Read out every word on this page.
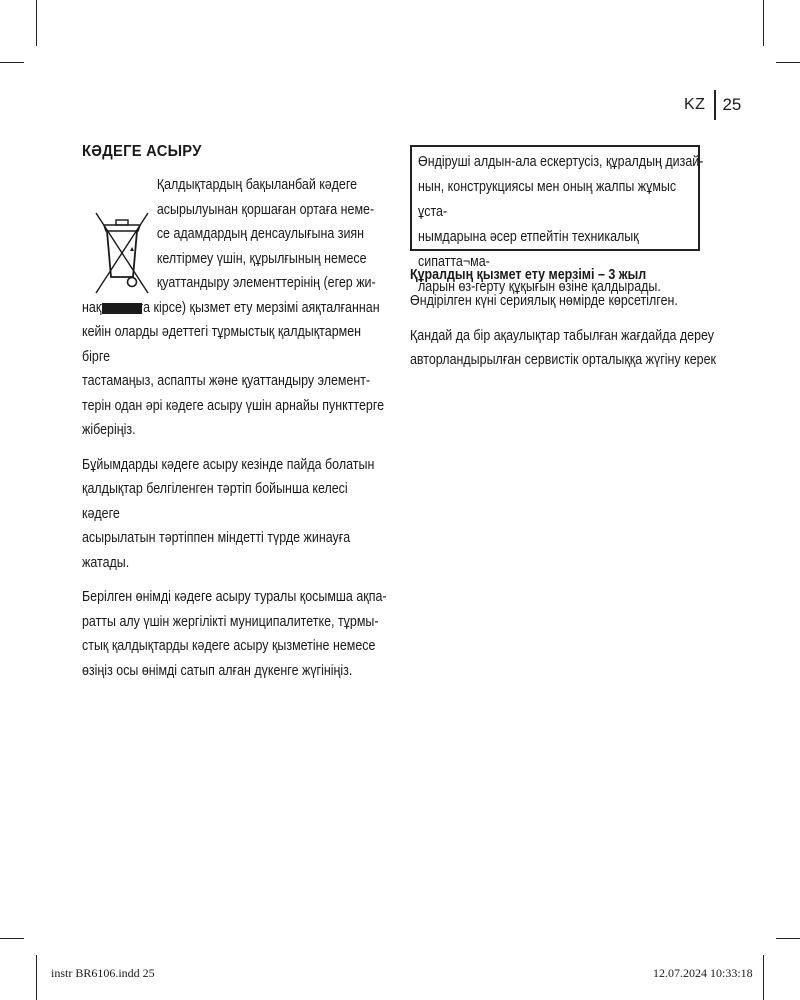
KZ 25
КӘДЕГЕ АСЫРУ
Қалдықтардың бақыланбай кәдеге
асырылуынан қоршаған ортаға немe-
се адамдардың денсаулығына зиян
келтірмеу үшін, құрылғының немесе
қуаттандыру элементтерінің (егер жи-
нақталымға кірсе) қызмет ету мерзімі аяқталғаннан
кейін оларды әдеттегі тұрмыстық қалдықтармен бірге
тастамаңыз, аспапты және қуаттандыру элемент-
терін одан әрі кәдеге асыру үшін арнайы пункттерге
жіберіңіз.
Бұйымдарды кәдеге асыру кезінде пайда болатын
қалдықтар белгіленген тәртіп бойынша келесі кәдеге
асырылатын тәртіппен міндетті түрде жинауға
жатады.
Берілген өнімді кәдеге асыру туралы қосымша ақпа-
ратты алу үшін жергілікті муниципалитетке, тұрмы-
стық қалдықтарды кәдеге асыру қызметіне немесе
өзіңіз осы өнімді сатып алған дүкенге жүгініңіз.
Өндіруші алдын-ала ескертусіз, құралдың дизай-
нын, конструкциясы мен оның жалпы жұмыс ұста-
нымдарына әсер етпейтін техникалық сипатта¬ма-
ларын өз-герту құқығын өзіне қалдырады.
Құралдың қызмет ету мерзімі – 3 жыл
Өндірілген күні сериялық нөмірде көрсетілген.
Қандай да бір ақаулықтар табылған жағдайда дереу
авторландырылған сервистік орталыққа жүгіну керек
instr BR6106.indd 25	12.07.2024 10:33:18
